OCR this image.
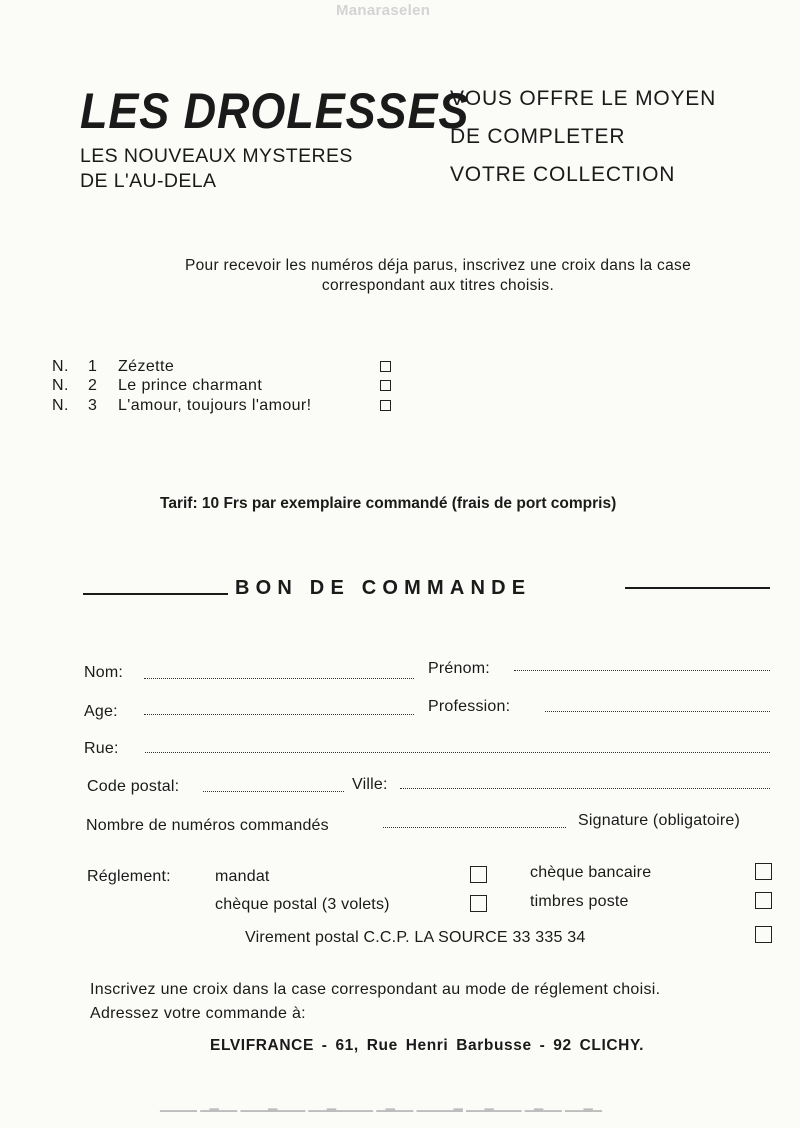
Manaraselen
LES DROLESSES
LES NOUVEAUX MYSTERES
DE L'AU-DELA
VOUS OFFRE LE MOYEN
DE COMPLETER
VOTRE COLLECTION
Pour recevoir les numéros déja parus, inscrivez une croix dans la case
correspondant aux titres choisis.
N. 1 Zézette
N. 2 Le prince charmant
N. 3 L'amour, toujours l'amour!
Tarif: 10 Frs par exemplaire commandé (frais de port compris)
BON DE COMMANDE
Nom:	Prénom:
Age:	Profession:
Rue:
Code postal:	Ville:
Nombre de numéros commandés	Signature (obligatoire)
Réglement:	mandat	chèque bancaire
chèque postal (3 volets)	timbres poste
Virement postal C.C.P. LA SOURCE 33 335 34
Inscrivez une croix dans la case correspondant au mode de réglement choisi.
Adressez votre commande à:
ELVIFRANCE - 61, Rue Henri Barbusse - 92 CLICHY.
▁▂▁▁ ▁▁▂▁ ▁▁▁▂▁▁ ▂▁▁▁▁ ▁▁▂▁ ▁▁▁▁▂▁▁ ▁▁▁▂▁▁▁ ▁▁▂▁ ▁▁▁▁
